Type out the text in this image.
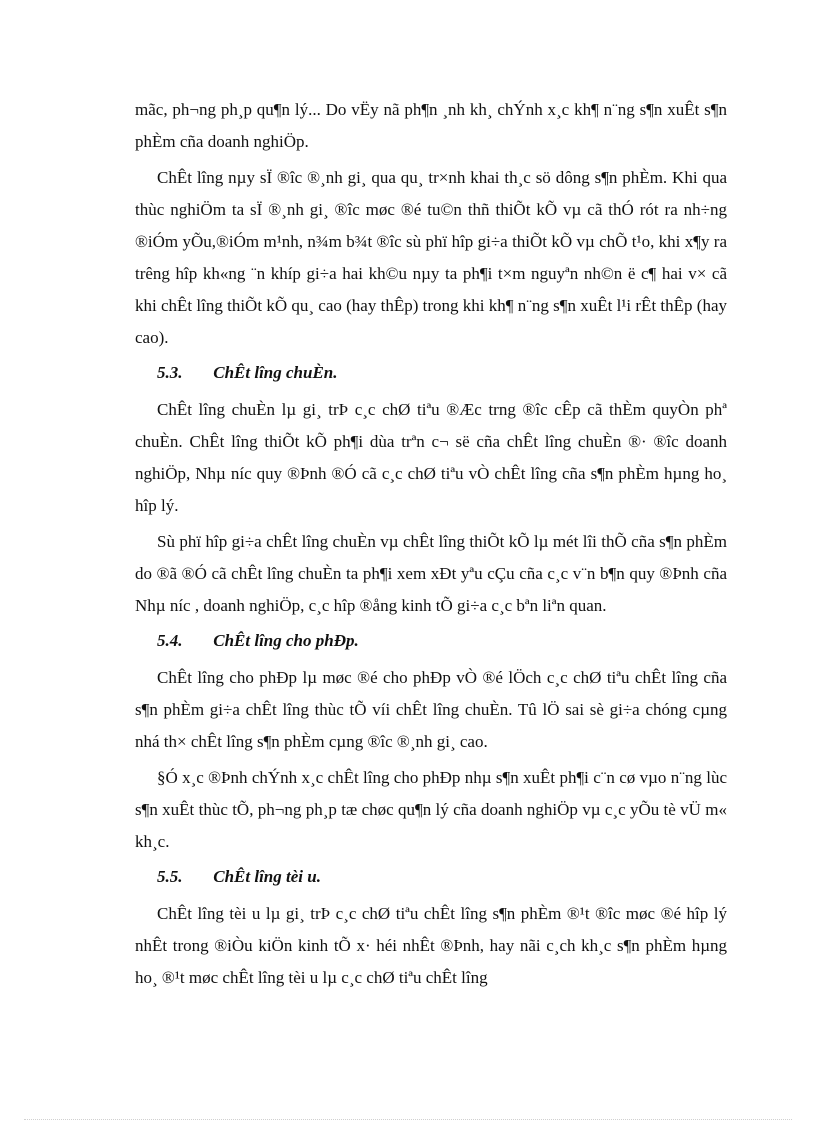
mãc, ph¬ng ph¸p qu¶n lý... Do vËy nã ph¶n ¸nh kh¸ chÝnh x¸c kh¶ n¨ng s¶n xuÊt s¶n phÈm cña doanh nghiÖp.

ChÊt lîng nµy sÏ ®îc ®¸nh gi¸ qua qu¸ tr×nh khai th¸c sö dông s¶n phÈm. Khi qua thùc nghiÖm ta sÏ ®¸nh gi¸ ®îc møc ®é tu©n thñ thiÕt kÕ vµ cã thÓ rót ra nh÷ng ®iÓm yÕu,®iÓm m¹nh, n¾m b¾t ®îc sù phï hîp gi÷a thiÕt kÕ vµ chÕ t¹o, khi x¶y ra trêng hîp kh«ng ¨n khíp gi÷a hai kh©u nµy ta ph¶i t×m nguyªn nh©n ë c¶ hai v× cã khi chÊt lîng thiÕt kÕ qu¸ cao (hay thÊp) trong khi kh¶ n¨ng s¶n xuÊt l¹i rÊt thÊp (hay cao).

5.3. ChÊt lîng chuÈn.

ChÊt lîng chuÈn lµ gi¸ trÞ c¸c chØ tiªu ®Æc trng ®îc cÊp cã thÈm quyÒn phª chuÈn. ChÊt lîng thiÕt kÕ ph¶i dùa trªn c¬ së cña chÊt lîng chuÈn ®· ®îc doanh nghiÖp, Nhµ níc quy ®Þnh ®Ó cã c¸c chØ tiªu vÒ chÊt lîng cña s¶n phÈm hµng ho¸ hîp lý.

Sù phï hîp gi÷a chÊt lîng chuÈn vµ chÊt lîng thiÕt kÕ lµ mét lîi thÕ cña s¶n phÈm do ®ã ®Ó cã chÊt lîng chuÈn ta ph¶i xem xÐt yªu cÇu cña c¸c v¨n b¶n quy ®Þnh cña Nhµ níc , doanh nghiÖp, c¸c hîp ®ång kinh tÕ gi÷a c¸c bªn liªn quan.

5.4. ChÊt lîng cho phÐp.

ChÊt lîng cho phÐp lµ møc ®é cho phÐp vÒ ®é lÖch c¸c chØ tiªu chÊt lîng cña s¶n phÈm gi÷a chÊt lîng thùc tÕ víi chÊt lîng chuÈn. Tû lÖ sai sè gi÷a chóng cµng nhá th× chÊt lîng s¶n phÈm cµng ®îc ®¸nh gi¸ cao.

§Ó x¸c ®Þnh chÝnh x¸c chÊt lîng cho phÐp nhµ s¶n xuÊt ph¶i c¨n cø vµo n¨ng lùc s¶n xuÊt thùc tÕ, ph¬ng ph¸p tæ chøc qu¶n lý cña doanh nghiÖp vµ c¸c yÕu tè vÜ m« kh¸c.

5.5. ChÊt lîng tèi u.

ChÊt lîng tèi u lµ gi¸ trÞ c¸c chØ tiªu chÊt lîng s¶n phÈm ®¹t ®îc møc ®é hîp lý nhÊt trong ®iÒu kiÖn kinh tÕ x· héi nhÊt ®Þnh, hay nãi c¸ch kh¸c s¶n phÈm hµng ho¸ ®¹t møc chÊt lîng tèi u lµ c¸c chØ tiªu chÊt lîng
